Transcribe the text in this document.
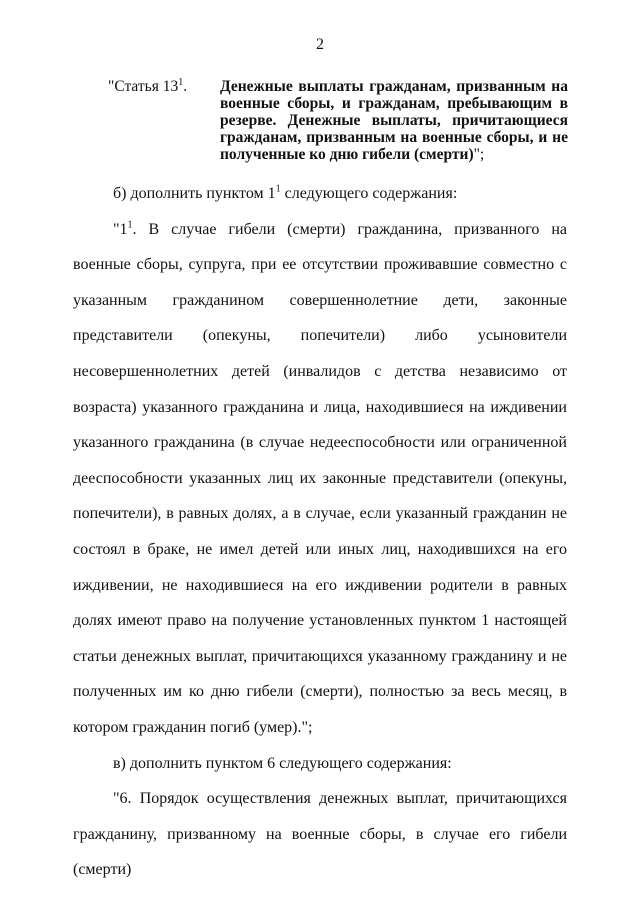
2
"Статья $13^1$.	Денежные выплаты гражданам, призванным на военные сборы, и гражданам, пребывающим в резерве. Денежные выплаты, причитающиеся гражданам, призванным на военные сборы, и не полученные ко дню гибели (смерти)";

б) дополнить пунктом $1^1$ следующего содержания:

"$1^1$. В случае гибели (смерти) гражданина, призванного на военные сборы, супруга, при ее отсутствии проживавшие совместно с указанным гражданином совершеннолетние дети, законные представители (опекуны, попечители) либо усыновители несовершеннолетних детей (инвалидов с детства независимо от возраста) указанного гражданина и лица, находившиеся на иждивении указанного гражданина (в случае недееспособности или ограниченной дееспособности указанных лиц их законные представители (опекуны, попечители), в равных долях, а в случае, если указанный гражданин не состоял в браке, не имел детей или иных лиц, находившихся на его иждивении, не находившиеся на его иждивении родители в равных долях имеют право на получение установленных пунктом 1 настоящей статьи денежных выплат, причитающихся указанному гражданину и не полученных им ко дню гибели (смерти), полностью за весь месяц, в котором гражданин погиб (умер).";

в) дополнить пунктом 6 следующего содержания:

"6. Порядок осуществления денежных выплат, причитающихся гражданину, призванному на военные сборы, в случае его гибели (смерти)
